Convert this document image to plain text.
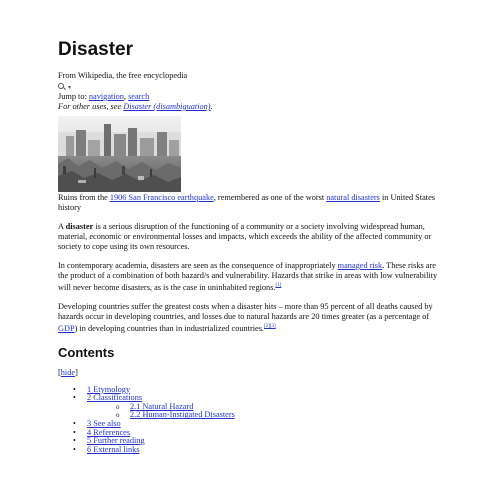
Disaster

From Wikipedia, the free encyclopedia

▾

Jump to: navigation, search

For other uses, see Disaster (disambiguation).

Ruins from the 1906 San Francisco earthquake, remembered as one of the worst natural disasters in United States history

A disaster is a serious disruption of the functioning of a community or a society involving widespread human, material, economic or environmental losses and impacts, which exceeds the ability of the affected community or society to cope using its own resources.

In contemporary academia, disasters are seen as the consequence of inappropriately managed risk. These risks are the product of a combination of both hazard/s and vulnerability. Hazards that strike in areas with low vulnerability will never become disasters, as is the case in uninhabited regions.[1]

Developing countries suffer the greatest costs when a disaster hits – more than 95 percent of all deaths caused by hazards occur in developing countries, and losses due to natural hazards are 20 times greater (as a percentage of GDP) in developing countries than in industrialized countries.[2][3]

Contents

[hide]

• 1 Etymology
• 2 Classifications
o 2.1 Natural Hazard
o 2.2 Human-Instigated Disasters
• 3 See also
• 4 References
• 5 Further reading
• 6 External links
